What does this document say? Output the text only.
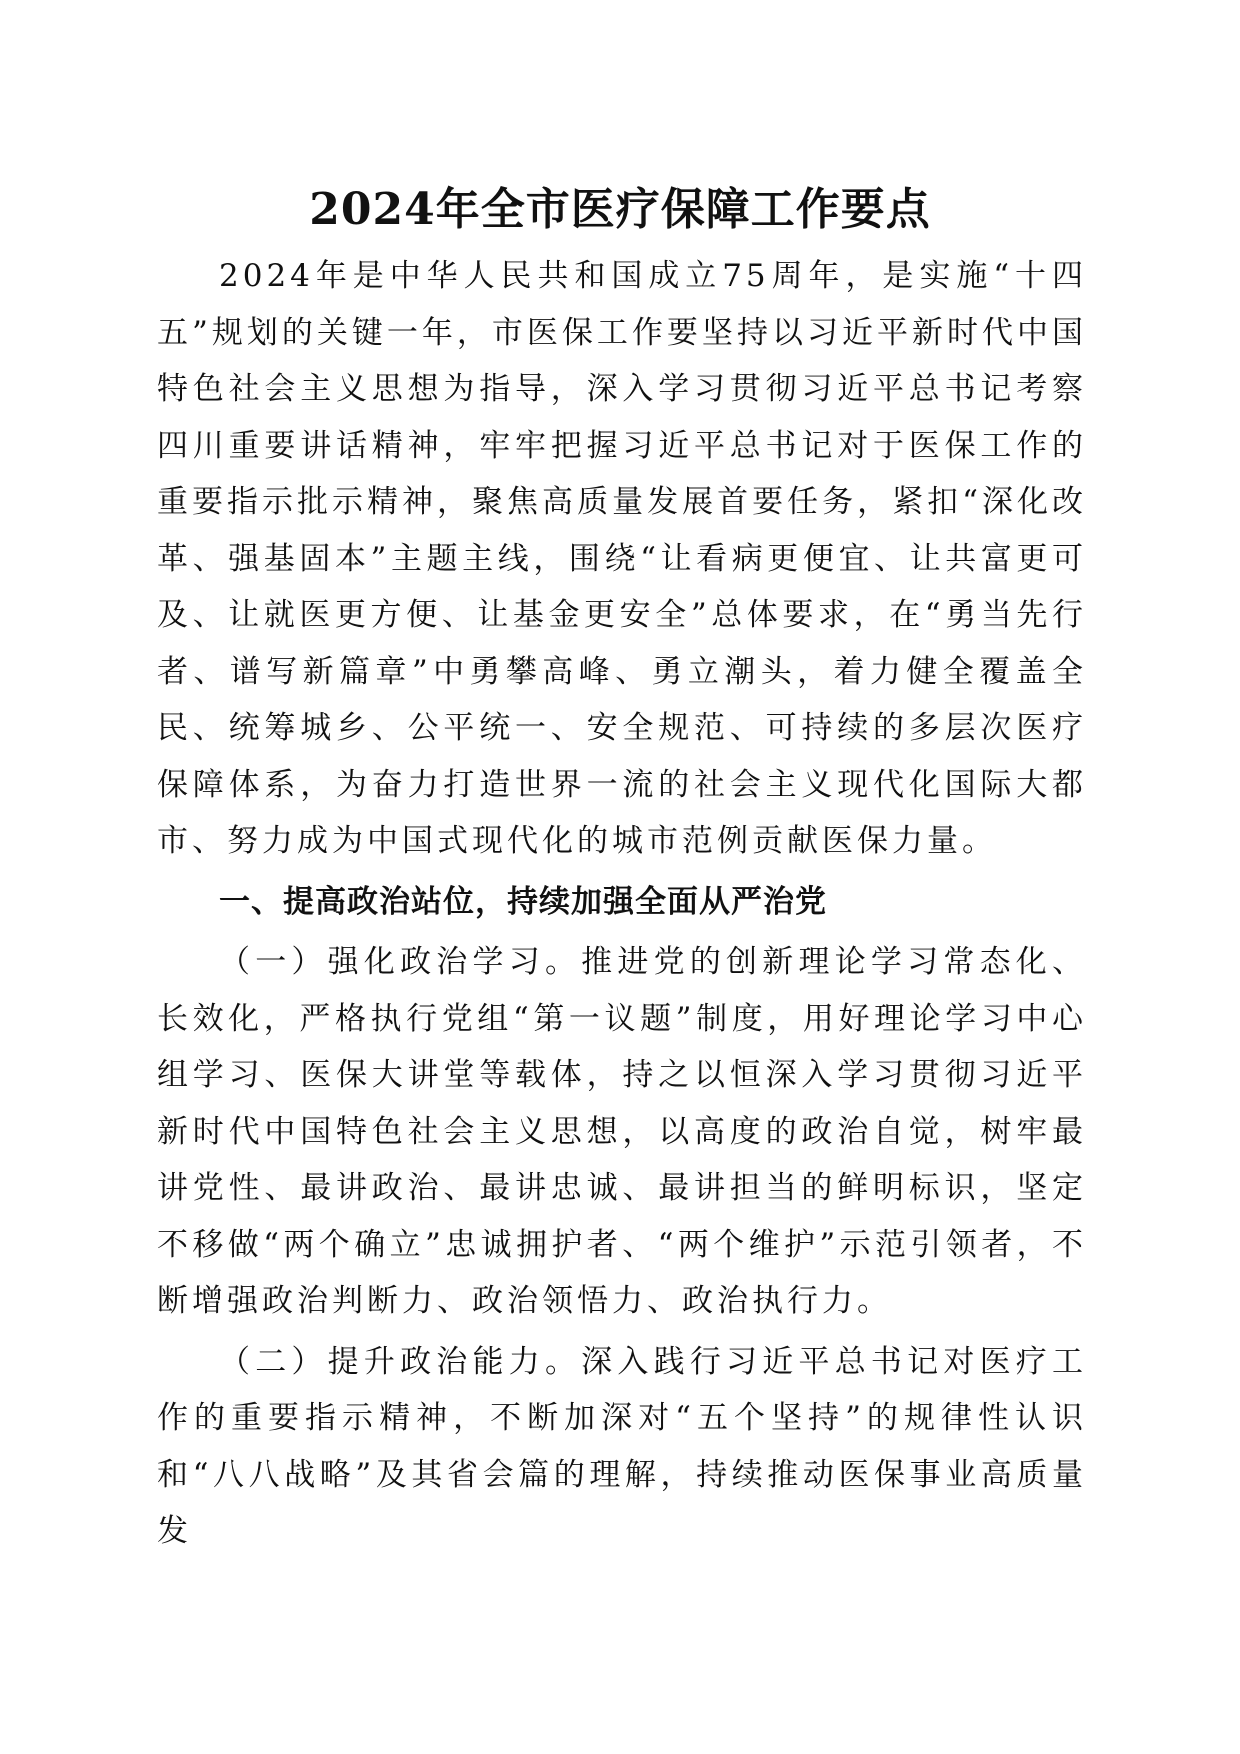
2024年全市医疗保障工作要点

2024年是中华人民共和国成立75周年，是实施“十四五”规划的关键一年，市医保工作要坚持以习近平新时代中国特色社会主义思想为指导，深入学习贯彻习近平总书记考察四川重要讲话精神，牢牢把握习近平总书记对于医保工作的重要指示批示精神，聚焦高质量发展首要任务，紧扣“深化改革、强基固本”主题主线，围绕“让看病更便宜、让共富更可及、让就医更方便、让基金更安全”总体要求，在“勇当先行者、谱写新篇章”中勇攀高峰、勇立潮头，着力健全覆盖全民、统筹城乡、公平统一、安全规范、可持续的多层次医疗保障体系，为奋力打造世界一流的社会主义现代化国际大都市、努力成为中国式现代化的城市范例贡献医保力量。

一、提高政治站位，持续加强全面从严治党

（一）强化政治学习。推进党的创新理论学习常态化、长效化，严格执行党组“第一议题”制度，用好理论学习中心组学习、医保大讲堂等载体，持之以恒深入学习贯彻习近平新时代中国特色社会主义思想，以高度的政治自觉，树牢最讲党性、最讲政治、最讲忠诚、最讲担当的鲜明标识，坚定不移做“两个确立”忠诚拥护者、“两个维护”示范引领者，不断增强政治判断力、政治领悟力、政治执行力。

（二）提升政治能力。深入践行习近平总书记对医疗工作的重要指示精神，不断加深对“五个坚持”的规律性认识和“八八战略”及其省会篇的理解，持续推动医保事业高质量发
